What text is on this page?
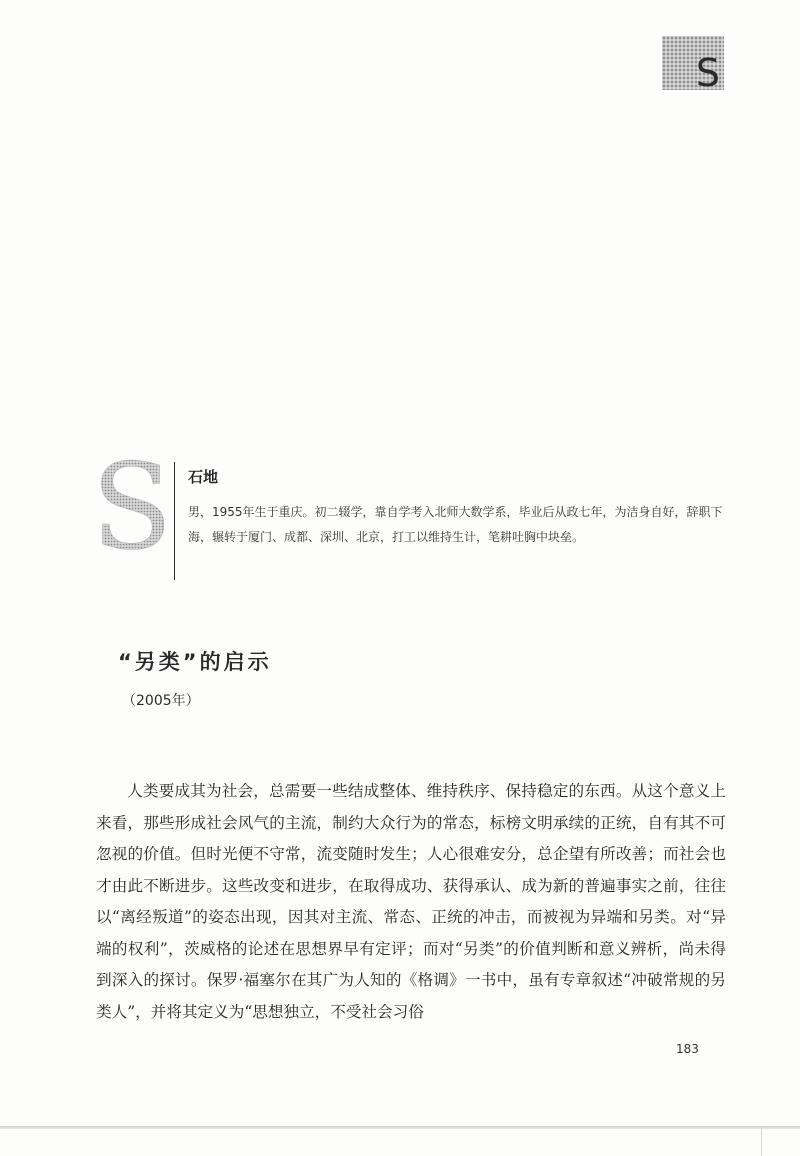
S
S 石地

男，1955年生于重庆。初二辍学，靠自学考入北师大数学系，毕业后从政七年，为洁身自好，辞职下海，辗转于厦门、成都、深圳、北京，打工以维持生计，笔耕吐胸中块垒。

“另类”的启示

（2005年）

人类要成其为社会，总需要一些结成整体、维持秩序、保持稳定的东西。从这个意义上来看，那些形成社会风气的主流，制约大众行为的常态，标榜文明承续的正统，自有其不可忽视的价值。但时光便不守常，流变随时发生；人心很难安分，总企望有所改善；而社会也才由此不断进步。这些改变和进步，在取得成功、获得承认、成为新的普遍事实之前，往往以“离经叛道”的姿态出现，因其对主流、常态、正统的冲击，而被视为异端和另类。对“异端的权利”，茨威格的论述在思想界早有定评；而对“另类”的价值判断和意义辨析，尚未得到深入的探讨。保罗·福塞尔在其广为人知的《格调》一书中，虽有专章叙述“冲破常规的另类人”，并将其定义为“思想独立，不受社会习俗

183
